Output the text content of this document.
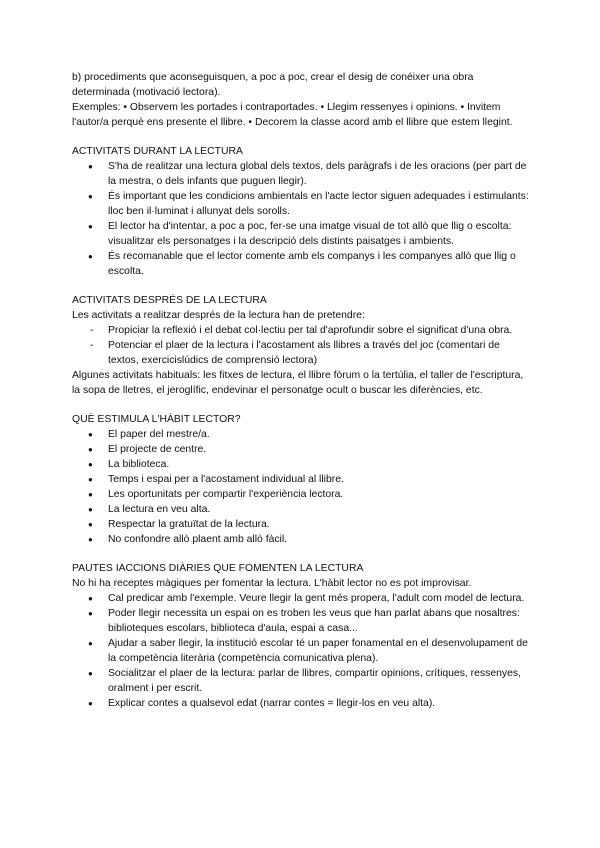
b) procediments que aconseguisquen, a poc a poc, crear el desig de conéixer una obra determinada (motivació lectora).

Exemples: • Observem les portades i contraportades. • Llegim ressenyes i opinions. • Invitem l'autor/a perquè ens presente el llibre. • Decorem la classe acord amb el llibre que estem llegint.

ACTIVITATS DURANT LA LECTURA

● S'ha de realitzar una lectura global dels textos, dels paràgrafs i de les oracions (per part de la mestra, o dels infants que puguen llegir).
● És important que les condicions ambientals en l'acte lector siguen adequades i estimulants: lloc ben il·luminat i allunyat dels sorolls.
● El lector ha d'intentar, a poc a poc, fer-se una imatge visual de tot allò que llig o escolta: visualitzar els personatges i la descripció dels distints paisatges i ambients.
● És recomanable que el lector comente amb els companys i les companyes allò que llig o escolta.

ACTIVITATS DESPRÉS DE LA LECTURA

Les activitats a realitzar després de la lectura han de pretendre:

- Propiciar la reflexió i el debat col·lectiu per tal d'aprofundir sobre el significat d'una obra.
- Potenciar el plaer de la lectura i l'acostament als llibres a través del joc (comentari de textos, exercicislúdics de comprensió lectora)

Algunes activitats habituals: les fitxes de lectura, el llibre fòrum o la tertúlia, el taller de l'escriptura, la sopa de lletres, el jeroglífic, endevinar el personatge ocult o buscar les diferències, etc.

QUÈ ESTIMULA L'HÀBIT LECTOR?

● El paper del mestre/a.
● El projecte de centre.
● La biblioteca.
● Temps i espai per a l'acostament individual al llibre.
● Les oportunitats per compartir l'experiència lectora.
● La lectura en veu alta.
● Respectar la gratuïtat de la lectura.
● No confondre allò plaent amb allò fàcil.

PAUTES IACCIONS DIÀRIES QUE FOMENTEN LA LECTURA

No hi ha receptes màgiques per fomentar la lectura. L'hàbit lector no es pot improvisar.

● Cal predicar amb l'exemple. Veure llegir la gent més propera, l'adult com model de lectura.
● Poder llegir necessita un espai on es troben les veus que han parlat abans que nosaltres: biblioteques escolars, biblioteca d'aula, espai a casa...
● Ajudar a saber llegir, la institució escolar té un paper fonamental en el desenvolupament de la competència literària (competència comunicativa plena).
● Socialitzar el plaer de la lectura: parlar de llibres, compartir opinions, crítiques, ressenyes, oralment i per escrit.
● Explicar contes a qualsevol edat (narrar contes = llegir-los en veu alta).
